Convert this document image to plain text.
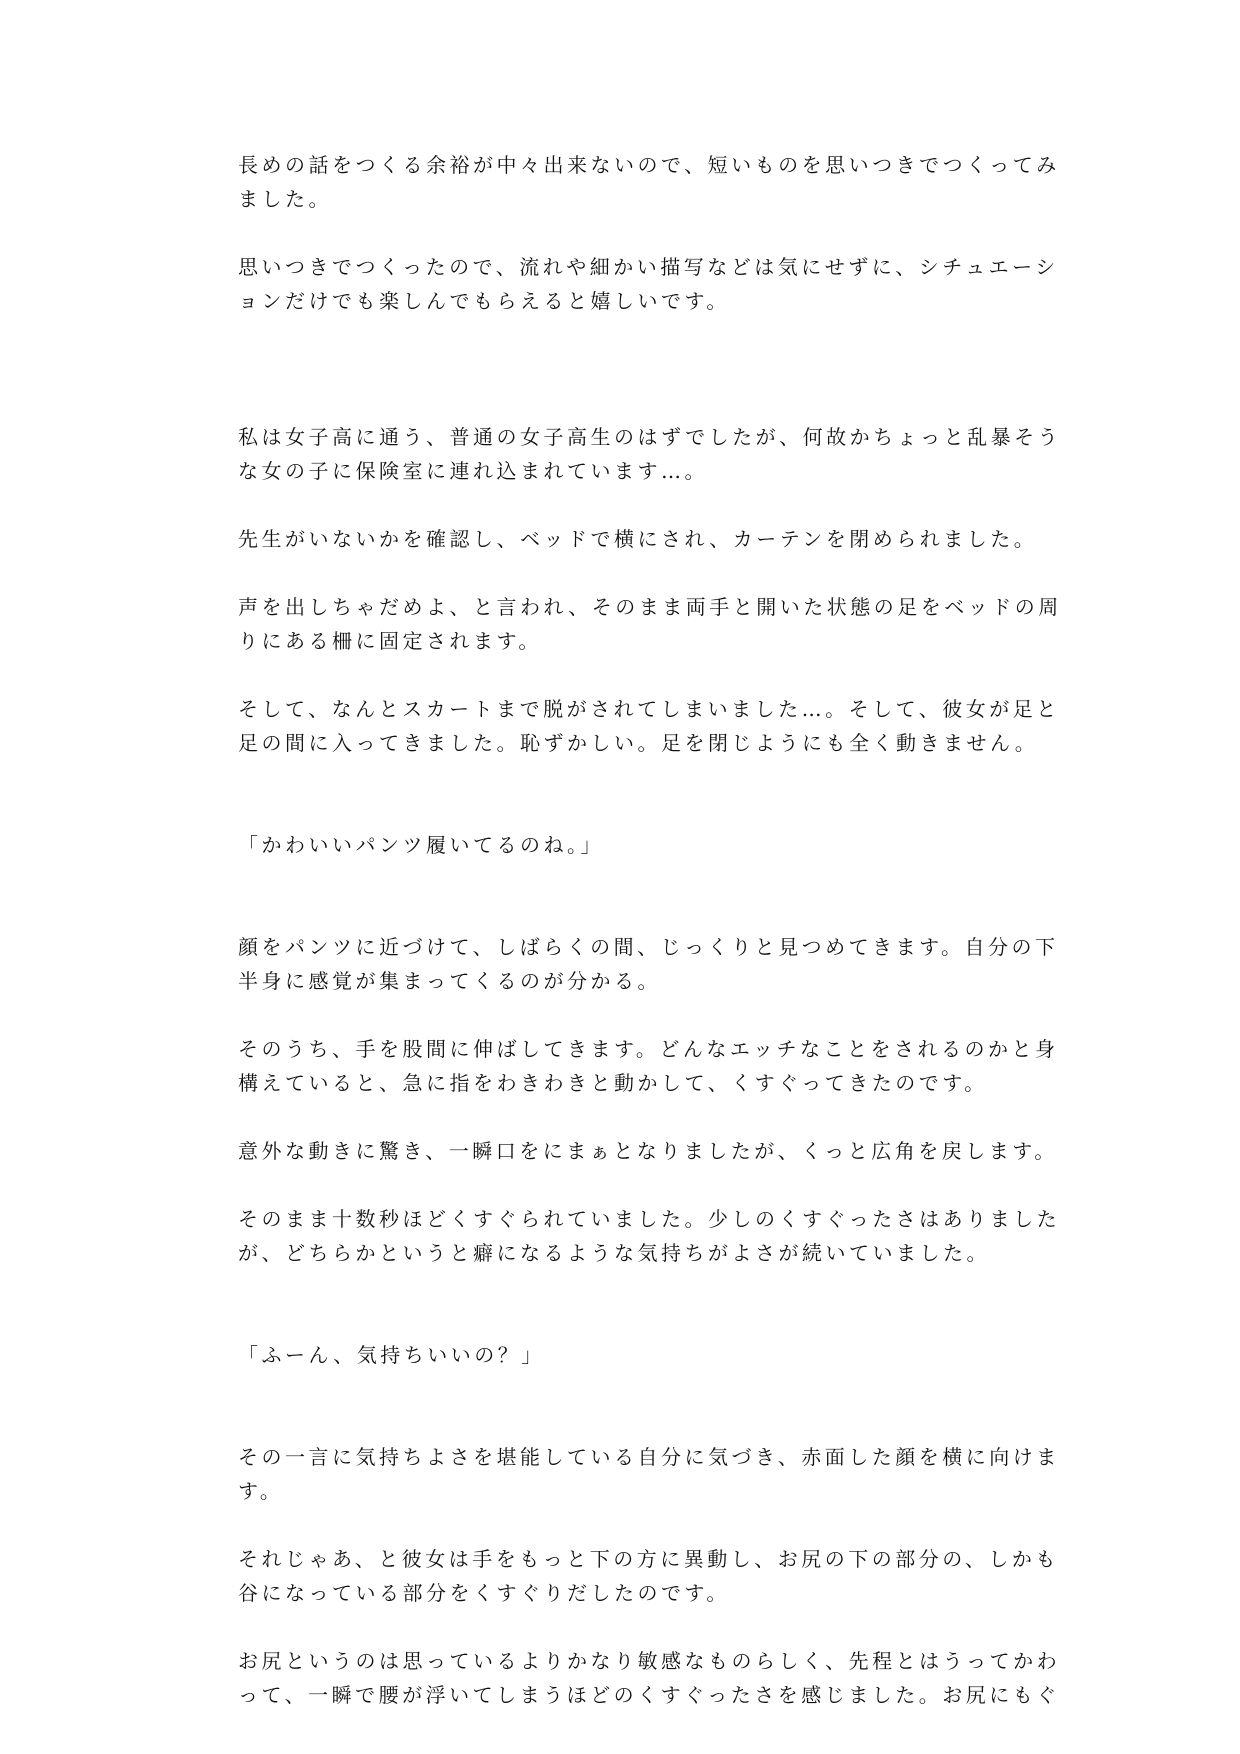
長めの話をつくる余裕が中々出来ないので、短いものを思いつきでつくってみ
ました。

思いつきでつくったので、流れや細かい描写などは気にせずに、シチュエーシ
ョンだけでも楽しんでもらえると嬉しいです。

私は女子高に通う、普通の女子高生のはずでしたが、何故かちょっと乱暴そう
な女の子に保険室に連れ込まれています…。

先生がいないかを確認し、ベッドで横にされ、カーテンを閉められました。

声を出しちゃだめよ、と言われ、そのまま両手と開いた状態の足をベッドの周
りにある柵に固定されます。

そして、なんとスカートまで脱がされてしまいました…。そして、彼女が足と
足の間に入ってきました。恥ずかしい。足を閉じようにも全く動きません。

「かわいいパンツ履いてるのね。」

顔をパンツに近づけて、しばらくの間、じっくりと見つめてきます。自分の下
半身に感覚が集まってくるのが分かる。

そのうち、手を股間に伸ばしてきます。どんなエッチなことをされるのかと身
構えていると、急に指をわきわきと動かして、くすぐってきたのです。

意外な動きに驚き、一瞬口をにまぁとなりましたが、くっと広角を戻します。

そのまま十数秒ほどくすぐられていました。少しのくすぐったさはありました
が、どちらかというと癖になるような気持ちがよさが続いていました。

「ふーん、気持ちいいの？」

その一言に気持ちよさを堪能している自分に気づき、赤面した顔を横に向けま
す。

それじゃあ、と彼女は手をもっと下の方に異動し、お尻の下の部分の、しかも
谷になっている部分をくすぐりだしたのです。

お尻というのは思っているよりかなり敏感なものらしく、先程とはうってかわ
って、一瞬で腰が浮いてしまうほどのくすぐったさを感じました。お尻にもぐ
